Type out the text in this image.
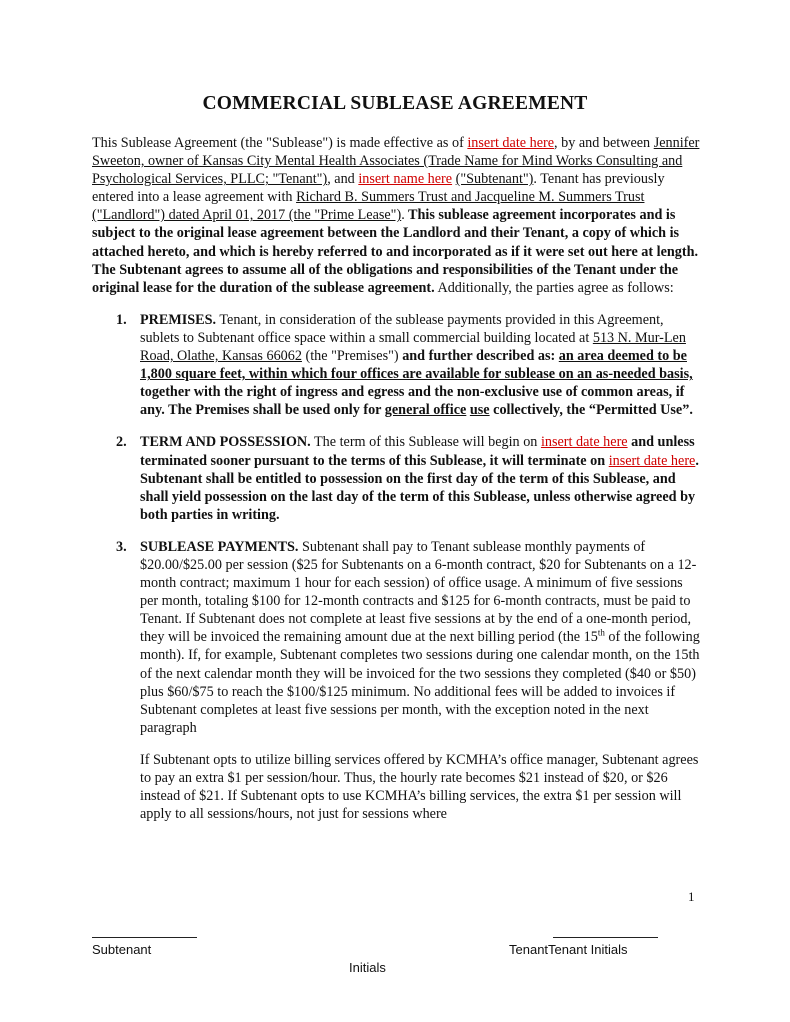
COMMERCIAL SUBLEASE AGREEMENT

This Sublease Agreement (the "Sublease") is made effective as of insert date here, by and between Jennifer Sweeton, owner of Kansas City Mental Health Associates (Trade Name for Mind Works Consulting and Psychological Services, PLLC; "Tenant"), and insert name here ("Subtenant"). Tenant has previously entered into a lease agreement with Richard B. Summers Trust and Jacqueline M. Summers Trust ("Landlord") dated April 01, 2017 (the "Prime Lease"). This sublease agreement incorporates and is subject to the original lease agreement between the Landlord and their Tenant, a copy of which is attached hereto, and which is hereby referred to and incorporated as if it were set out here at length. The Subtenant agrees to assume all of the obligations and responsibilities of the Tenant under the original lease for the duration of the sublease agreement. Additionally, the parties agree as follows:

1. PREMISES. Tenant, in consideration of the sublease payments provided in this Agreement, sublets to Subtenant office space within a small commercial building located at 513 N. Mur-Len Road, Olathe, Kansas 66062 (the "Premises") and further described as: an area deemed to be 1,800 square feet, within which four offices are available for sublease on an as-needed basis, together with the right of ingress and egress and the non-exclusive use of common areas, if any. The Premises shall be used only for general office use collectively, the “Permitted Use”.
2. TERM AND POSSESSION. The term of this Sublease will begin on insert date here and unless terminated sooner pursuant to the terms of this Sublease, it will terminate on insert date here. Subtenant shall be entitled to possession on the first day of the term of this Sublease, and shall yield possession on the last day of the term of this Sublease, unless otherwise agreed by both parties in writing.
3. SUBLEASE PAYMENTS. Subtenant shall pay to Tenant sublease monthly payments of $20.00/$25.00 per session ($25 for Subtenants on a 6-month contract, $20 for Subtenants on a 12-month contract; maximum 1 hour for each session) of office usage. A minimum of five sessions per month, totaling $100 for 12-month contracts and $125 for 6-month contracts, must be paid to Tenant. If Subtenant does not complete at least five sessions at by the end of a one-month period, they will be invoiced the remaining amount due at the next billing period (the 15th of the following month). If, for example, Subtenant completes two sessions during one calendar month, on the 15th of the next calendar month they will be invoiced for the two sessions they completed ($40 or $50) plus $60/$75 to reach the $100/$125 minimum. No additional fees will be added to invoices if Subtenant completes at least five sessions per month, with the exception noted in the next paragraph

If Subtenant opts to utilize billing services offered by KCMHA’s office manager, Subtenant agrees to pay an extra $1 per session/hour. Thus, the hourly rate becomes $21 instead of $20, or $26 instead of $21. If Subtenant opts to use KCMHA’s billing services, the extra $1 per session will apply to all sessions/hours, not just for sessions where

1
Subtenant
Initials
TenantTenant Initials
